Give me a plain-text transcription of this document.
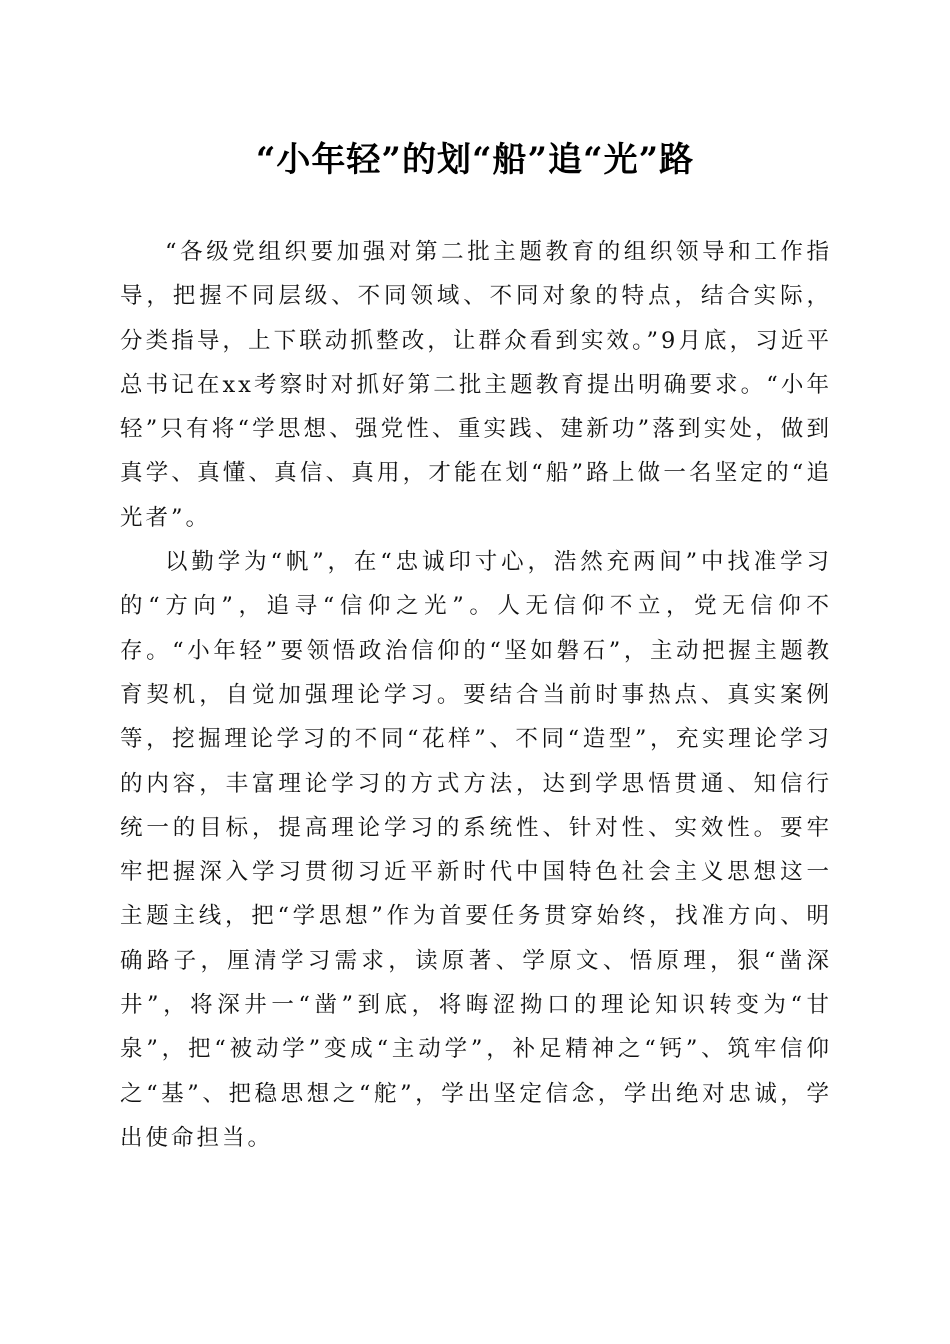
“小年轻”的划“船”追“光”路

“各级党组织要加强对第二批主题教育的组织领导和工作指导，把握不同层级、不同领域、不同对象的特点，结合实际，分类指导，上下联动抓整改，让群众看到实效。”9月底，习近平总书记在xx考察时对抓好第二批主题教育提出明确要求。“小年轻”只有将“学思想、强党性、重实践、建新功”落到实处，做到真学、真懂、真信、真用，才能在划“船”路上做一名坚定的“追光者”。

以勤学为“帆”，在“忠诚印寸心，浩然充两间”中找准学习的“方向”，追寻“信仰之光”。人无信仰不立，党无信仰不存。“小年轻”要领悟政治信仰的“坚如磐石”，主动把握主题教育契机，自觉加强理论学习。要结合当前时事热点、真实案例等，挖掘理论学习的不同“花样”、不同“造型”，充实理论学习的内容，丰富理论学习的方式方法，达到学思悟贯通、知信行统一的目标，提高理论学习的系统性、针对性、实效性。要牢牢把握深入学习贯彻习近平新时代中国特色社会主义思想这一主题主线，把“学思想”作为首要任务贯穿始终，找准方向、明确路子，厘清学习需求，读原著、学原文、悟原理，狠“凿深井”，将深井一“凿”到底，将晦涩拗口的理论知识转变为“甘泉”，把“被动学”变成“主动学”，补足精神之“钙”、筑牢信仰之“基”、把稳思想之“舵”，学出坚定信念，学出绝对忠诚，学出使命担当。
